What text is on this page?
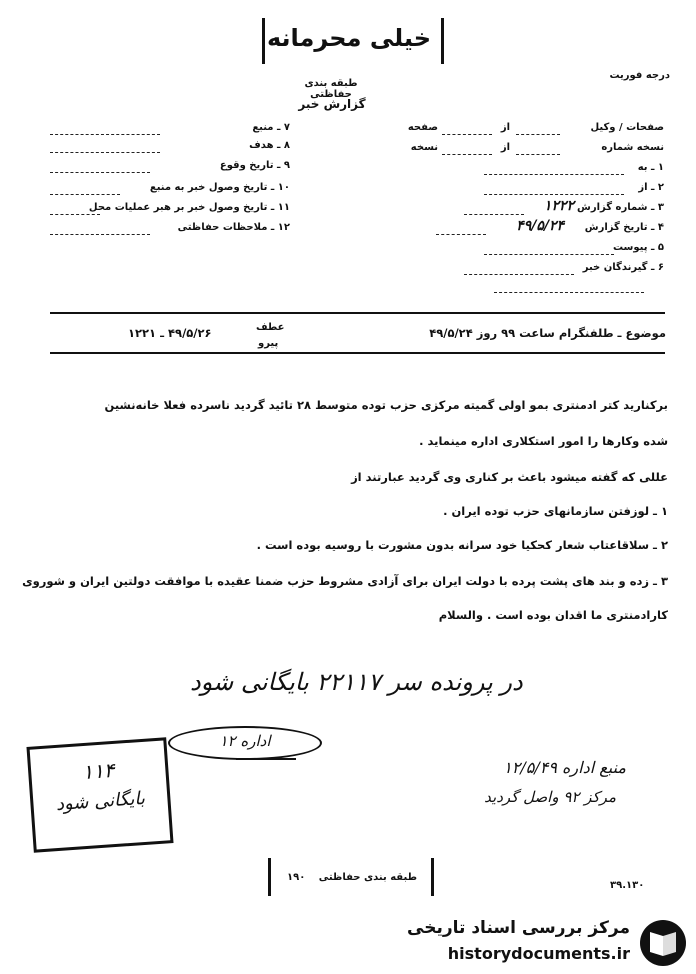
خیلی محرمانه
طبقه بندی حفاظتی
گزارش خبر
درجه فوریت
صفحات / وکیل
از
صفحه
نسخه شماره
از
نسخه
۱ ـ به
۲ ـ از
۳ ـ شماره گزارش
۱۲۲۲
۴ ـ تاریخ گزارش
۴۹/۵/۲۴
۵ ـ پیوست
۶ ـ گیرندگان خبر
۷ ـ منبع
۸ ـ هدف
۹ ـ تاریخ وقوع
۱۰ ـ تاریخ وصول خبر به منبع
۱۱ ـ تاریخ وصول خبر بر هبر عملیات محل
۱۲ ـ ملاحظات حفاظتی
موضوع ـ طلفنگرام ساعت ۹۹ روز ۴۹/۵/۲۴
عطف
پیرو
۴۹/۵/۲۶ ـ ۱۲۲۱
برکنارید کتر ادمنتری بمو اولی گمیته مرکزی حزب توده متوسط ۲۸ تائید گردید ناسرده فعلا خانه‌نشین
شده وکارها را امور استکلاری اداره مینماید .
عللی که گفته میشود باعث بر کناری وی گردید عبارتند از
۱ ـ لوزفتن سازمانهای حزب توده ایران .
۲ ـ سلاقاعتاب شعار کحکیا خود سرانه بدون مشورت با روسیه بوده است .
۳ ـ زده و بند های پشت پرده با دولت ایران برای آزادی مشروط حزب ضمنا عقیده با موافقت دولتین ایران و شوروی
کارادمنتری ما اقدان بوده است . والسلام
در پرونده سر ۲۲۱۱۷ بایگانی شود
اداره ۱۲
منبع اداره ۱۲/۵/۴۹
مرکز ۹۲ واصل گردید
۱۱۴
بایگانی شود
طبقه بندی حفاظتی
۱۹۰
۳۹.۱۳۰
مرکز بررسی اسناد تاریخی
historydocuments.ir
